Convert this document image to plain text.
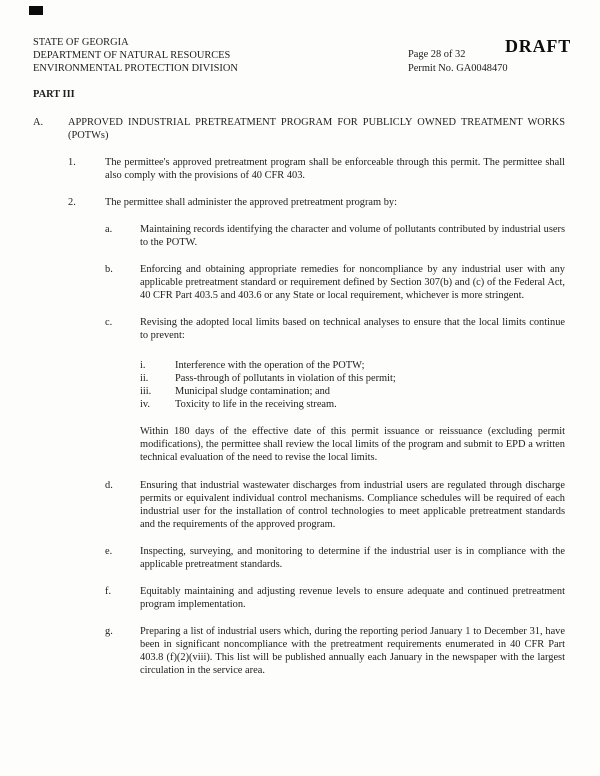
STATE OF GEORGIA
DEPARTMENT OF NATURAL RESOURCES
ENVIRONMENTAL PROTECTION DIVISION
Page 28 of 32 DRAFT
Permit No. GA0048470
PART III
A.	APPROVED INDUSTRIAL PRETREATMENT PROGRAM FOR PUBLICLY OWNED TREATMENT WORKS (POTWs)
1.	The permittee's approved pretreatment program shall be enforceable through this permit. The permittee shall also comply with the provisions of 40 CFR 403.
2.	The permittee shall administer the approved pretreatment program by:
a.	Maintaining records identifying the character and volume of pollutants contributed by industrial users to the POTW.
b.	Enforcing and obtaining appropriate remedies for noncompliance by any industrial user with any applicable pretreatment standard or requirement defined by Section 307(b) and (c) of the Federal Act, 40 CFR Part 403.5 and 403.6 or any State or local requirement, whichever is more stringent.
c.	Revising the adopted local limits based on technical analyses to ensure that the local limits continue to prevent:
i.	Interference with the operation of the POTW;
ii.	Pass-through of pollutants in violation of this permit;
iii.	Municipal sludge contamination; and
iv.	Toxicity to life in the receiving stream.
Within 180 days of the effective date of this permit issuance or reissuance (excluding permit modifications), the permittee shall review the local limits of the program and submit to EPD a written technical evaluation of the need to revise the local limits.
d.	Ensuring that industrial wastewater discharges from industrial users are regulated through discharge permits or equivalent individual control mechanisms. Compliance schedules will be required of each industrial user for the installation of control technologies to meet applicable pretreatment standards and the requirements of the approved program.
e.	Inspecting, surveying, and monitoring to determine if the industrial user is in compliance with the applicable pretreatment standards.
f.	Equitably maintaining and adjusting revenue levels to ensure adequate and continued pretreatment program implementation.
g.	Preparing a list of industrial users which, during the reporting period January 1 to December 31, have been in significant noncompliance with the pretreatment requirements enumerated in 40 CFR Part 403.8 (f)(2)(viii). This list will be published annually each January in the newspaper with the largest circulation in the service area.
